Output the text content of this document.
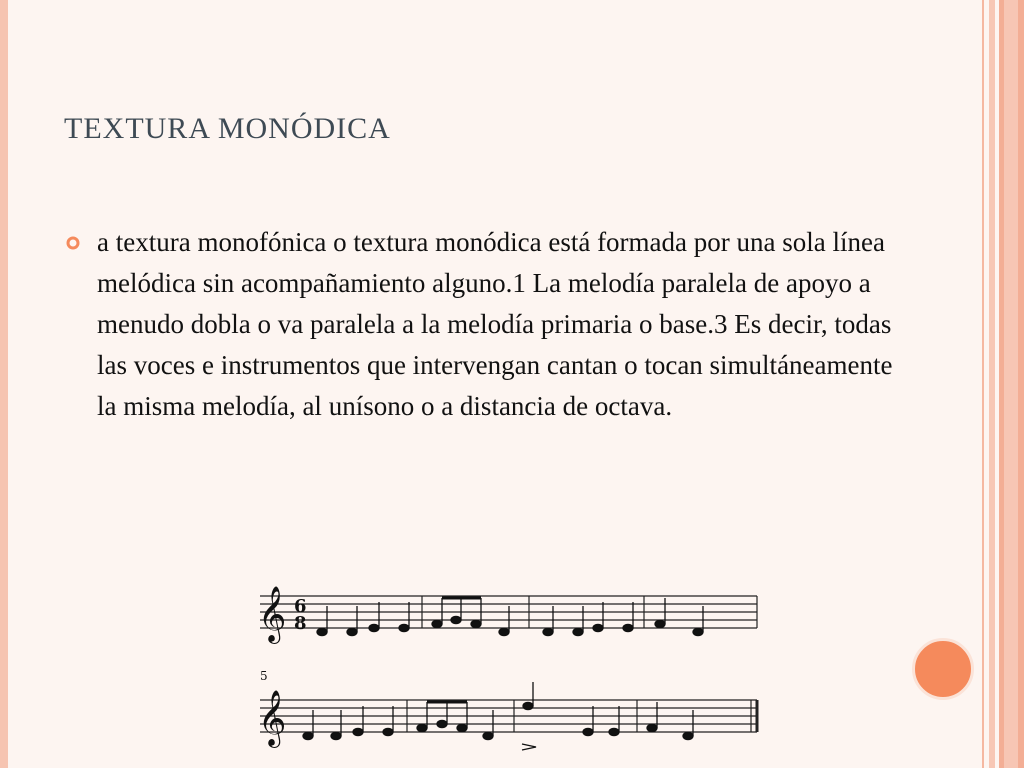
TEXTURA MONÓDICA
a textura monofónica o textura monódica está formada por una sola línea melódica sin acompañamiento alguno.1 La melodía paralela de apoyo a menudo dobla o va paralela a la melodía primaria o base.3 Es decir, todas las voces e instrumentos que intervengan cantan o tocan simultáneamente la misma melodía, al unísono o a distancia de octava.
𝄞
𝄞
6
8
5
